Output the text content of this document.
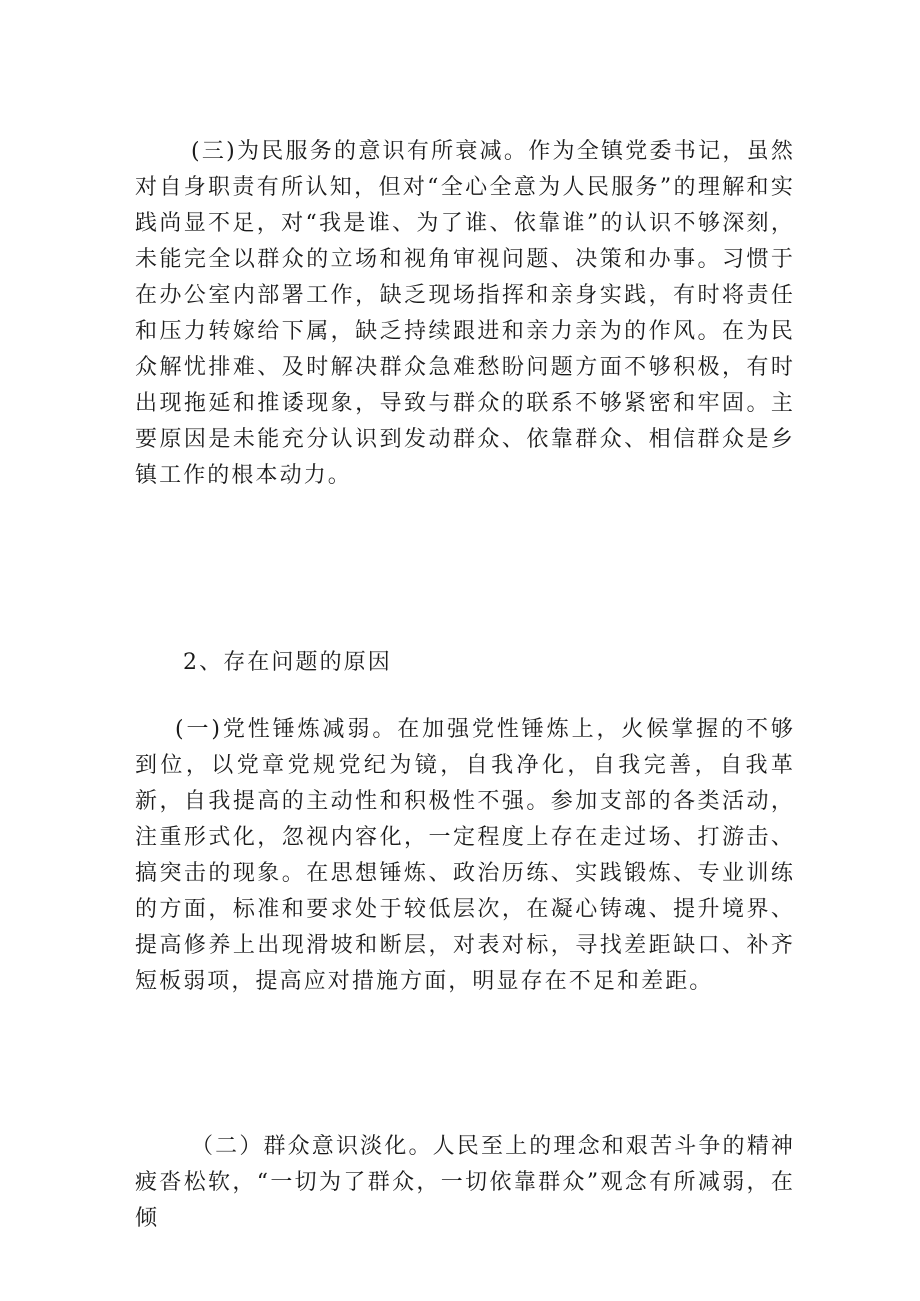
(三)为民服务的意识有所衰减。作为全镇党委书记，虽然对自身职责有所认知，但对“全心全意为人民服务”的理解和实践尚显不足，对“我是谁、为了谁、依靠谁”的认识不够深刻，未能完全以群众的立场和视角审视问题、决策和办事。习惯于在办公室内部署工作，缺乏现场指挥和亲身实践，有时将责任和压力转嫁给下属，缺乏持续跟进和亲力亲为的作风。在为民众解忧排难、及时解决群众急难愁盼问题方面不够积极，有时出现拖延和推诿现象，导致与群众的联系不够紧密和牢固。主要原因是未能充分认识到发动群众、依靠群众、相信群众是乡镇工作的根本动力。

2、存在问题的原因

(一)党性锤炼减弱。在加强党性锤炼上，火候掌握的不够到位，以党章党规党纪为镜，自我净化，自我完善，自我革新，自我提高的主动性和积极性不强。参加支部的各类活动，注重形式化，忽视内容化，一定程度上存在走过场、打游击、搞突击的现象。在思想锤炼、政治历练、实践锻炼、专业训练的方面，标准和要求处于较低层次，在凝心铸魂、提升境界、提高修养上出现滑坡和断层，对表对标，寻找差距缺口、补齐短板弱项，提高应对措施方面，明显存在不足和差距。

（二）群众意识淡化。人民至上的理念和艰苦斗争的精神疲沓松软，“一切为了群众，一切依靠群众”观念有所减弱，在倾
